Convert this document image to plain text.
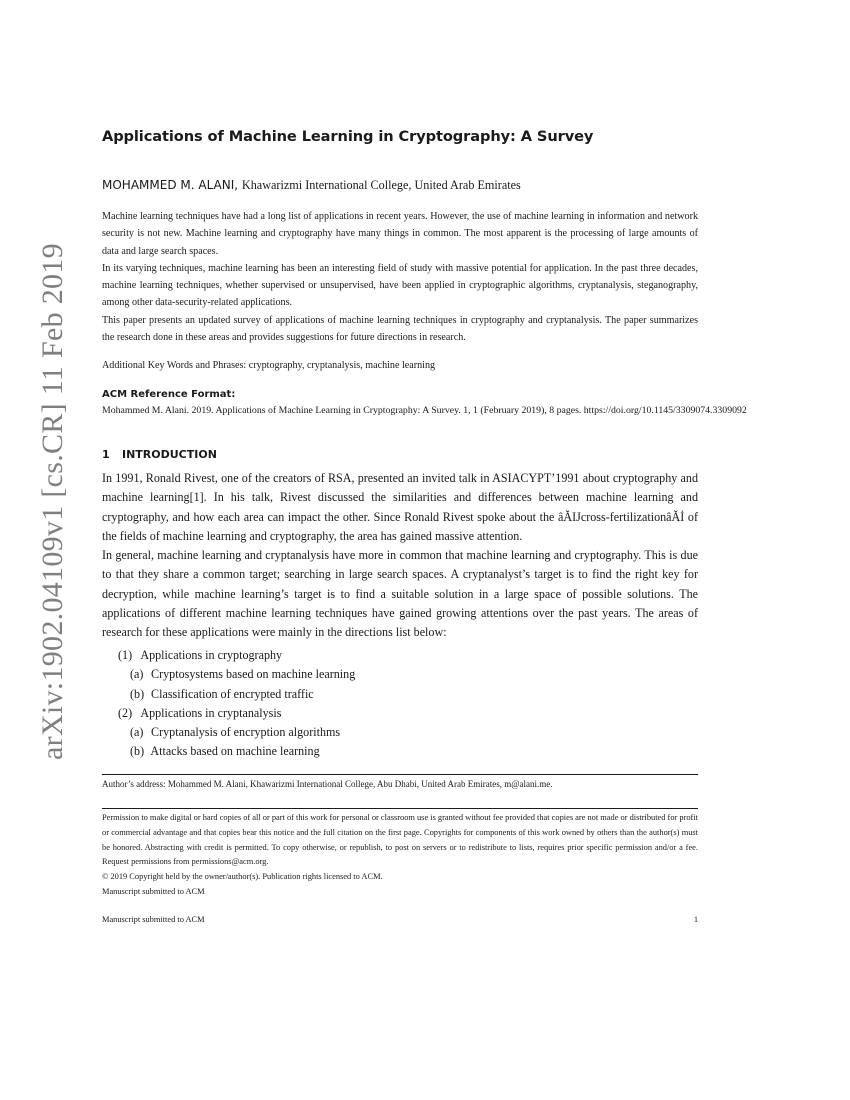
arXiv:1902.04109v1 [cs.CR] 11 Feb 2019
Applications of Machine Learning in Cryptography: A Survey
MOHAMMED M. ALANI, Khawarizmi International College, United Arab Emirates

Machine learning techniques have had a long list of applications in recent years. However, the use of machine learning in information and network security is not new. Machine learning and cryptography have many things in common. The most apparent is the processing of large amounts of data and large search spaces.

In its varying techniques, machine learning has been an interesting field of study with massive potential for application. In the past three decades, machine learning techniques, whether supervised or unsupervised, have been applied in cryptographic algorithms, cryptanalysis, steganography, among other data-security-related applications.

This paper presents an updated survey of applications of machine learning techniques in cryptography and cryptanalysis. The paper summarizes the research done in these areas and provides suggestions for future directions in research.

Additional Key Words and Phrases: cryptography, cryptanalysis, machine learning
ACM Reference Format:
Mohammed M. Alani. 2019. Applications of Machine Learning in Cryptography: A Survey. 1, 1 (February 2019), 8 pages. https://doi.org/10.1145/3309074.3309092
1 INTRODUCTION

In 1991, Ronald Rivest, one of the creators of RSA, presented an invited talk in ASIACYPT’1991 about cryptography and machine learning[1]. In his talk, Rivest discussed the similarities and differences between machine learning and cryptography, and how each area can impact the other. Since Ronald Rivest spoke about the âĂIJcross-fertilizationâĂİ of the fields of machine learning and cryptography, the area has gained massive attention.

In general, machine learning and cryptanalysis have more in common that machine learning and cryptography. This is due to that they share a common target; searching in large search spaces. A cryptanalyst’s target is to find the right key for decryption, while machine learning’s target is to find a suitable solution in a large space of possible solutions. The applications of different machine learning techniques have gained growing attentions over the past years. The areas of research for these applications were mainly in the directions list below:

(1) Applications in cryptography
(a) Cryptosystems based on machine learning
(b) Classification of encrypted traffic
(2) Applications in cryptanalysis
(a) Cryptanalysis of encryption algorithms
(b) Attacks based on machine learning
Author’s address: Mohammed M. Alani, Khawarizmi International College, Abu Dhabi, United Arab Emirates, m@alani.me.

Permission to make digital or hard copies of all or part of this work for personal or classroom use is granted without fee provided that copies are not made or distributed for profit or commercial advantage and that copies bear this notice and the full citation on the first page. Copyrights for components of this work owned by others than the author(s) must be honored. Abstracting with credit is permitted. To copy otherwise, or republish, to post on servers or to redistribute to lists, requires prior specific permission and/or a fee. Request permissions from permissions@acm.org.

© 2019 Copyright held by the owner/author(s). Publication rights licensed to ACM.

Manuscript submitted to ACM

Manuscript submitted to ACM	1
